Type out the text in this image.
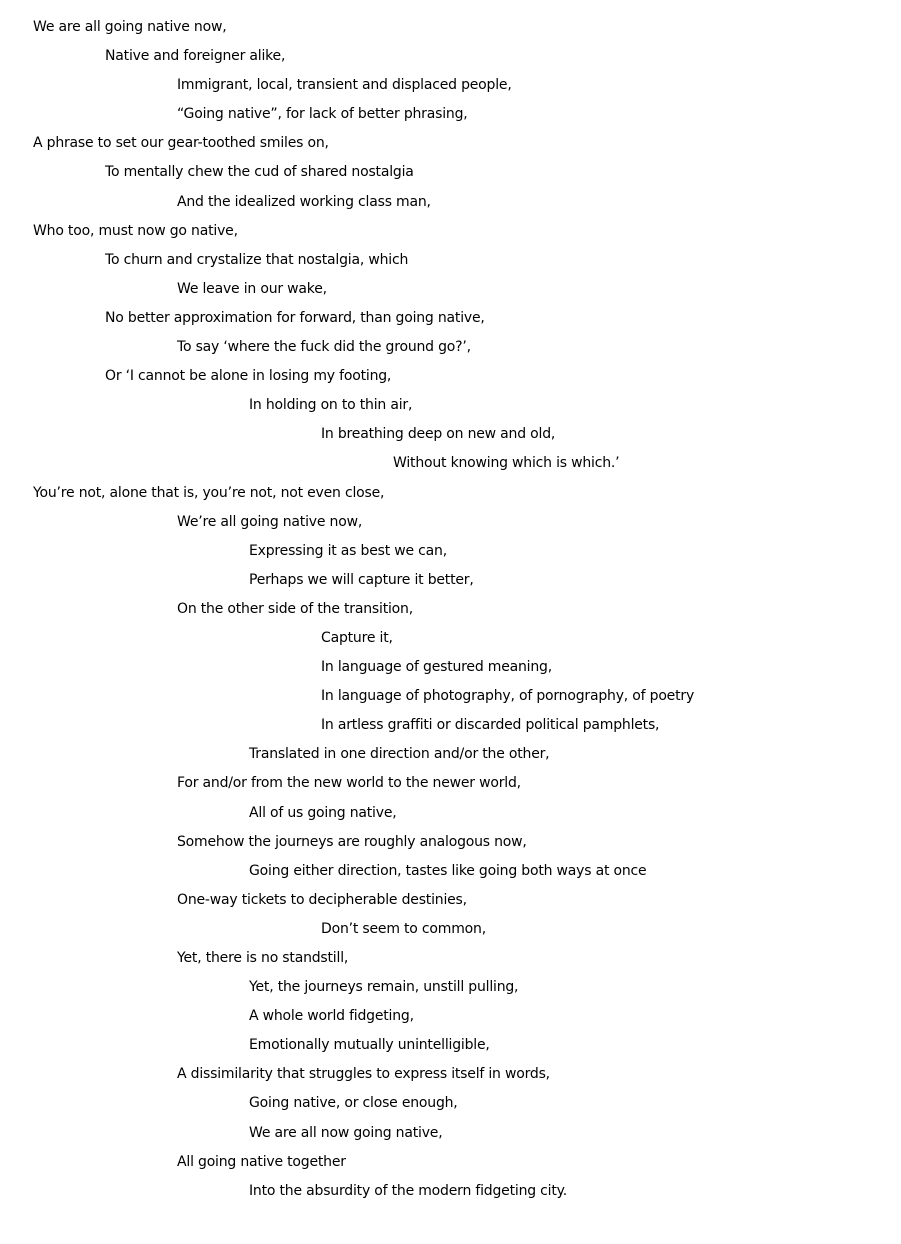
We are all going native now,
Native and foreigner alike,
Immigrant, local, transient and displaced people,
“Going native”, for lack of better phrasing,
A phrase to set our gear-toothed smiles on,
To mentally chew the cud of shared nostalgia
And the idealized working class man,
Who too, must now go native,
To churn and crystalize that nostalgia, which
We leave in our wake,
No better approximation for forward, than going native,
To say ‘where the fuck did the ground go?’,
Or ‘I cannot be alone in losing my footing,
In holding on to thin air,
In breathing deep on new and old,
Without knowing which is which.’
You’re not, alone that is, you’re not, not even close,
We’re all going native now,
Expressing it as best we can,
Perhaps we will capture it better,
On the other side of the transition,
Capture it,
In language of gestured meaning,
In language of photography, of pornography, of poetry
In artless graffiti or discarded political pamphlets,
Translated in one direction and/or the other,
For and/or from the new world to the newer world,
All of us going native,
Somehow the journeys are roughly analogous now,
Going either direction, tastes like going both ways at once
One-way tickets to decipherable destinies,
Don’t seem to common,
Yet, there is no standstill,
Yet, the journeys remain, unstill pulling,
A whole world fidgeting,
Emotionally mutually unintelligible,
A dissimilarity that struggles to express itself in words,
Going native, or close enough,
We are all now going native,
All going native together
Into the absurdity of the modern fidgeting city.
